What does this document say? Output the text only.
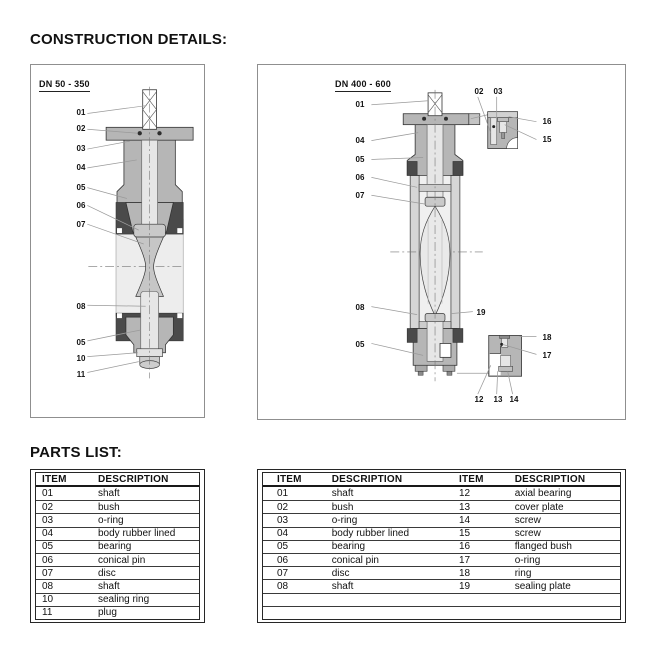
CONSTRUCTION DETAILS:
DN 50 - 350
01
02
03
04
05
06
07
08
05
10
11
DN 400 - 600
01
04
05
06
07
08
05
02	03
16
15
19
18
17
12	13 14
PARTS LIST:
ITEM	DESCRIPTION
01	shaft
02	bush
03	o-ring
04	body rubber lined
05	bearing
06	conical pin
07	disc
08	shaft
10	sealing ring
11	plug
ITEM	DESCRIPTION	ITEM	DESCRIPTION
01	shaft	12	axial bearing
02	bush	13	cover plate
03	o-ring	14	screw
04	body rubber lined	15	screw
05	bearing	16	flanged bush
06	conical pin	17	o-ring
07	disc	18	ring
08	shaft	19	sealing plate
